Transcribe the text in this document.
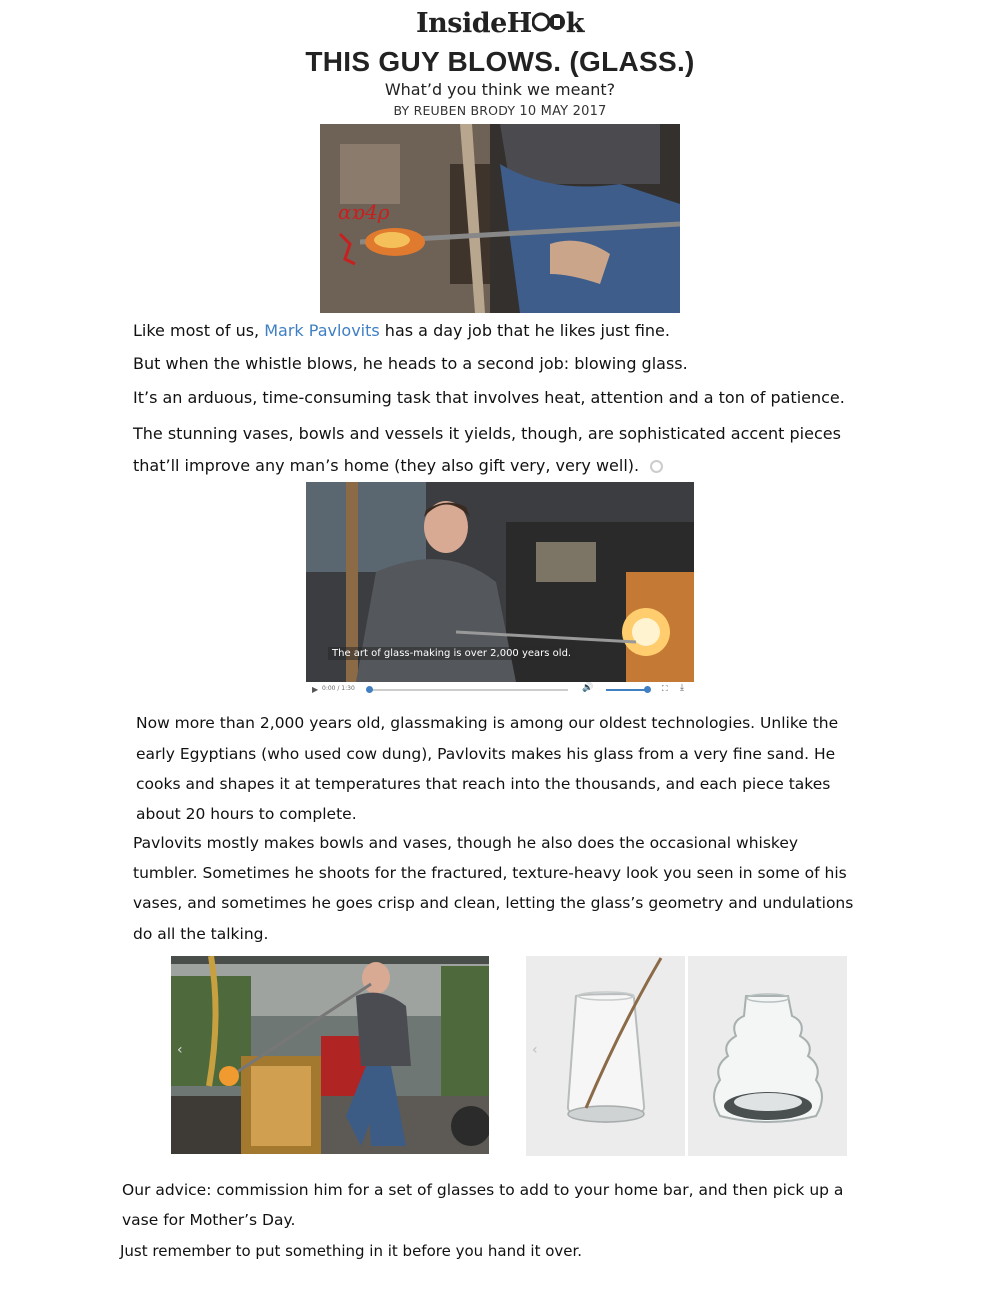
InsideH k
THIS GUY BLOWS. (GLASS.)
What’d you think we meant?
BY REUBEN BRODY 10 MAY 2017
ɑɒ4ρ
Like most of us, Mark Pavlovits has a day job that he likes just fine.
But when the whistle blows, he heads to a second job: blowing glass.
It’s an arduous, time-consuming task that involves heat, attention and a ton of patience.
The stunning vases, bowls and vessels it yields, though, are sophisticated accent pieces
that’ll improve any man’s home (they also gift very, very well).
The art of glass-making is over 2,000 years old.
▶ 0:00 / 1:30	🔊	⛶ ⤓
Now more than 2,000 years old, glassmaking is among our oldest technologies. Unlike the
early Egyptians (who used cow dung), Pavlovits makes his glass from a very fine sand. He
cooks and shapes it at temperatures that reach into the thousands, and each piece takes
about 20 hours to complete.
Pavlovits mostly makes bowls and vases, though he also does the occasional whiskey
tumbler. Sometimes he shoots for the fractured, texture-heavy look you seen in some of his
vases, and sometimes he goes crisp and clean, letting the glass’s geometry and undulations
do all the talking.
‹	‹
Our advice: commission him for a set of glasses to add to your home bar, and then pick up a
vase for Mother’s Day.
Just remember to put something in it before you hand it over.
